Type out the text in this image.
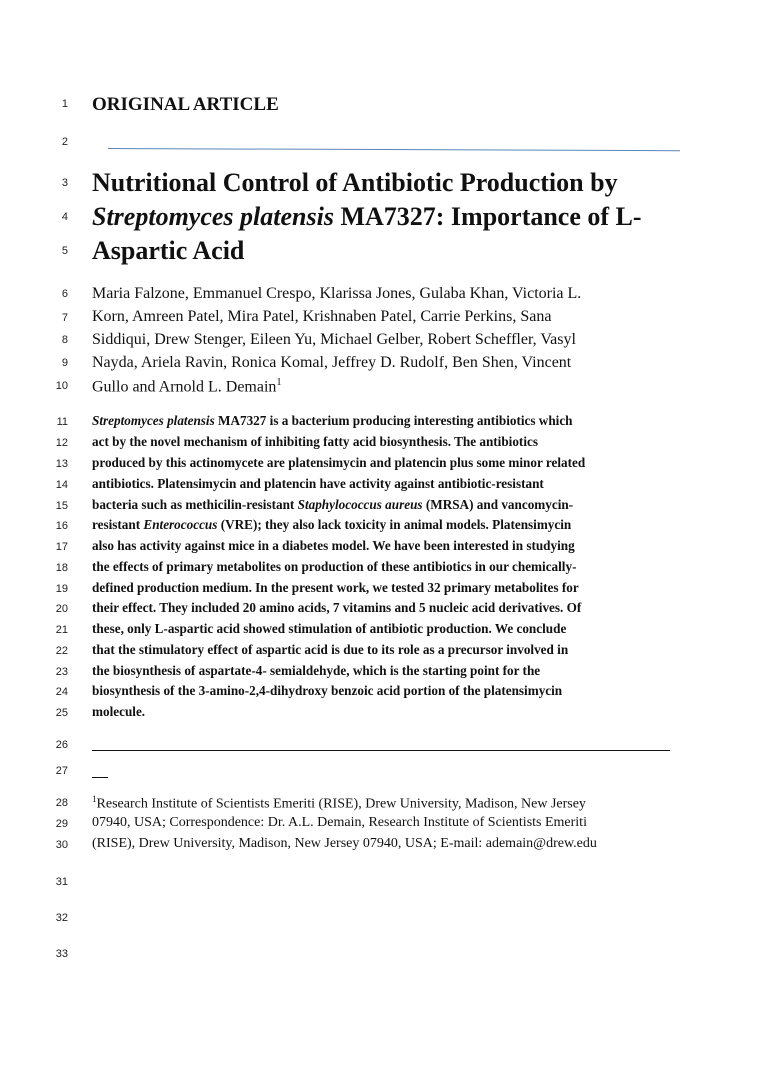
1
2
3
4
5
6
7
8
9
10
11
12
13
14
15
16
17
18
19
20
21
22
23
24
25
26
27
28
29
30
31
32
33
ORIGINAL ARTICLE
Nutritional Control of Antibiotic Production by
Streptomyces platensis MA7327: Importance of L-
Aspartic Acid
Maria Falzone, Emmanuel Crespo, Klarissa Jones, Gulaba Khan, Victoria L.
Korn, Amreen Patel, Mira Patel, Krishnaben Patel, Carrie Perkins, Sana
Siddiqui, Drew Stenger, Eileen Yu, Michael Gelber, Robert Scheffler, Vasyl
Nayda, Ariela Ravin, Ronica Komal, Jeffrey D. Rudolf, Ben Shen, Vincent
Gullo and Arnold L. Demain$^1$
Streptomyces platensis MA7327 is a bacterium producing interesting antibiotics which
act by the novel mechanism of inhibiting fatty acid biosynthesis. The antibiotics
produced by this actinomycete are platensimycin and platencin plus some minor related
antibiotics. Platensimycin and platencin have activity against antibiotic-resistant
bacteria such as methicilin-resistant Staphylococcus aureus (MRSA) and vancomycin-
resistant Enterococcus (VRE); they also lack toxicity in animal models. Platensimycin
also has activity against mice in a diabetes model. We have been interested in studying
the effects of primary metabolites on production of these antibiotics in our chemically-
defined production medium. In the present work, we tested 32 primary metabolites for
their effect. They included 20 amino acids, 7 vitamins and 5 nucleic acid derivatives. Of
these, only L-aspartic acid showed stimulation of antibiotic production. We conclude
that the stimulatory effect of aspartic acid is due to its role as a precursor involved in
the biosynthesis of aspartate-4- semialdehyde, which is the starting point for the
biosynthesis of the 3-amino-2,4-dihydroxy benzoic acid portion of the platensimycin
molecule.
$^1$Research Institute of Scientists Emeriti (RISE), Drew University, Madison, New Jersey
07940, USA; Correspondence: Dr. A.L. Demain, Research Institute of Scientists Emeriti
(RISE), Drew University, Madison, New Jersey 07940, USA; E-mail: ademain@drew.edu
